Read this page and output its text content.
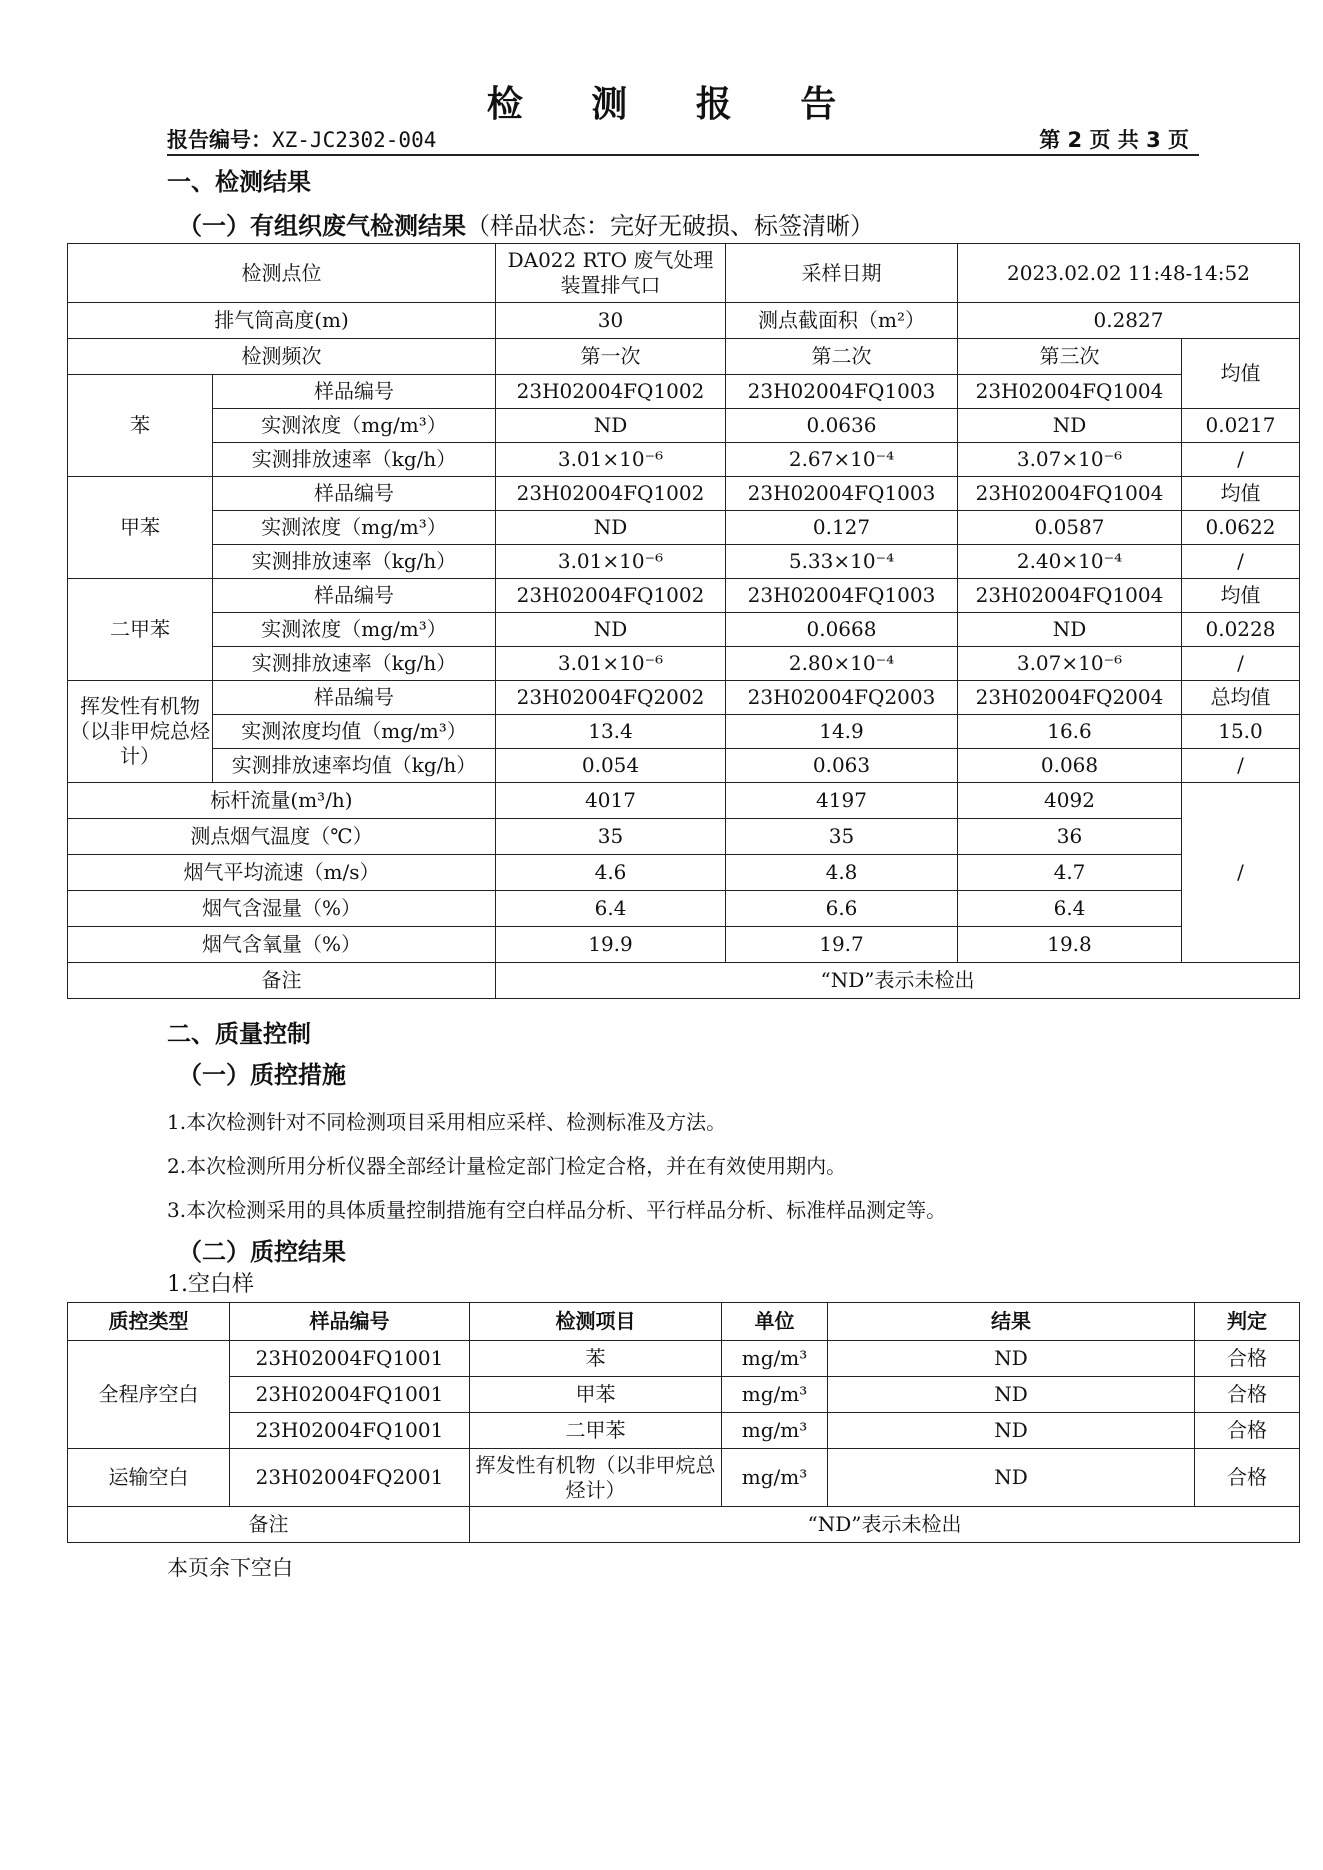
检 测 报 告
报告编号：XZ-JC2302-004	第 2 页 共 3 页
一、检测结果
（一）有组织废气检测结果（样品状态：完好无破损、标签清晰）
检测点位		DA022 RTO 废气处理装置排气口	采样日期	2023.02.02 11:48-14:52	
排气筒高度(m)		30	测点截面积（m²）	0.2827	
检测频次		第一次	第二次	第三次	均值
苯	样品编号	23H02004FQ1002	23H02004FQ1003	23H02004FQ1004	
	实测浓度（mg/m³）	ND	0.0636	ND	0.0217
	实测排放速率（kg/h）	3.01×10⁻⁶	2.67×10⁻⁴	3.07×10⁻⁶	/
甲苯	样品编号	23H02004FQ1002	23H02004FQ1003	23H02004FQ1004	均值
	实测浓度（mg/m³）	ND	0.127	0.0587	0.0622
	实测排放速率（kg/h）	3.01×10⁻⁶	5.33×10⁻⁴	2.40×10⁻⁴	/
二甲苯	样品编号	23H02004FQ1002	23H02004FQ1003	23H02004FQ1004	均值
	实测浓度（mg/m³）	ND	0.0668	ND	0.0228
	实测排放速率（kg/h）	3.01×10⁻⁶	2.80×10⁻⁴	3.07×10⁻⁶	/
挥发性有机物（以非甲烷总烃计）	样品编号	23H02004FQ2002	23H02004FQ2003	23H02004FQ2004	总均值
	实测浓度均值（mg/m³）	13.4	14.9	16.6	15.0
	实测排放速率均值（kg/h）	0.054	0.063	0.068	/
标杆流量(m³/h)		4017	4197	4092	/
测点烟气温度（℃）		35	35	36	
烟气平均流速（m/s）		4.6	4.8	4.7	
烟气含湿量（%）		6.4	6.6	6.4	
烟气含氧量（%）		19.9	19.7	19.8	
备注		“ND”表示未检出			
二、质量控制
（一）质控措施
1.本次检测针对不同检测项目采用相应采样、检测标准及方法。
2.本次检测所用分析仪器全部经计量检定部门检定合格，并在有效使用期内。
3.本次检测采用的具体质量控制措施有空白样品分析、平行样品分析、标准样品测定等。
（二）质控结果
1.空白样
质控类型	样品编号	检测项目	单位	结果	判定
全程序空白	23H02004FQ1001	苯	mg/m³	ND	合格
	23H02004FQ1001	甲苯	mg/m³	ND	合格
	23H02004FQ1001	二甲苯	mg/m³	ND	合格
运输空白	23H02004FQ2001	挥发性有机物（以非甲烷总烃计）	mg/m³	ND	合格
备注		“ND”表示未检出			
本页余下空白
